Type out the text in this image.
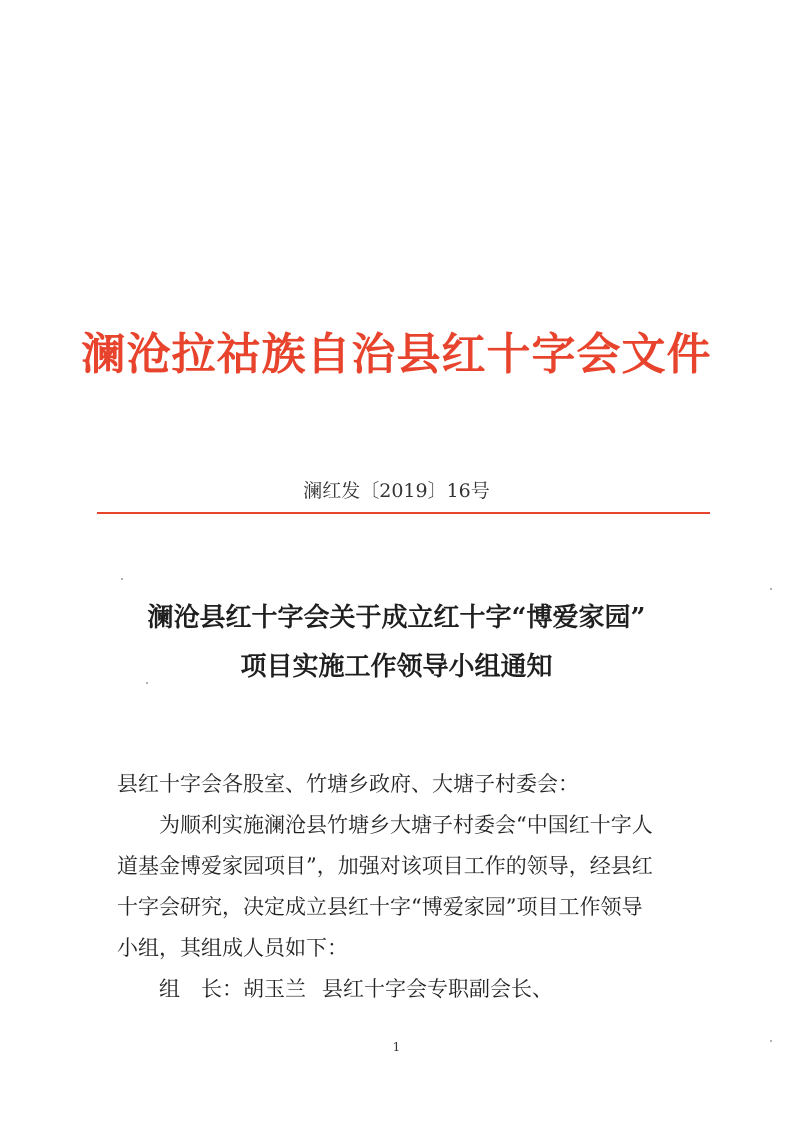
澜沧拉祜族自治县红十字会文件
澜红发〔2019〕16号
澜沧县红十字会关于成立红十字“博爱家园”
项目实施工作领导小组通知
县红十字会各股室、竹塘乡政府、大塘子村委会：
为顺利实施澜沧县竹塘乡大塘子村委会“中国红十字人
道基金博爱家园项目”，加强对该项目工作的领导，经县红
十字会研究，决定成立县红十字“博爱家园”项目工作领导
小组，其组成人员如下：
组　长：胡玉兰 县红十字会专职副会长、
1
